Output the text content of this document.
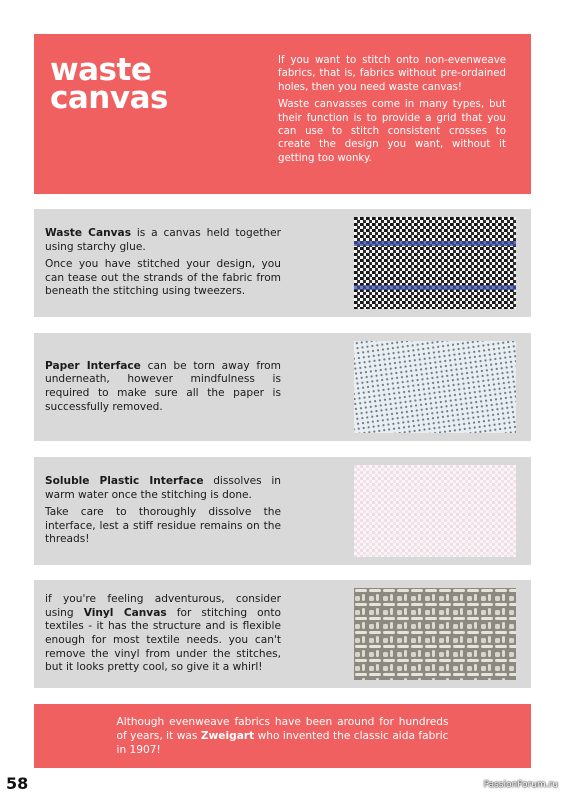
waste
canvas

If you want to stitch onto non-evenweave fabrics, that is, fabrics without pre-ordained holes, then you need waste canvas!

Waste canvasses come in many types, but their function is to provide a grid that you can use to stitch consistent crosses to create the design you want, without it getting too wonky.

Waste Canvas is a canvas held together using starchy glue.

Once you have stitched your design, you can tease out the strands of the fabric from beneath the stitching using tweezers.

Paper Interface can be torn away from underneath, however mindfulness is required to make sure all the paper is successfully removed.

Soluble Plastic Interface dissolves in warm water once the stitching is done.

Take care to thoroughly dissolve the interface, lest a stiff residue remains on the threads!

if you're feeling adventurous, consider using Vinyl Canvas for stitching onto textiles - it has the structure and is flexible enough for most textile needs. you can't remove the vinyl from under the stitches, but it looks pretty cool, so give it a whirl!

Although evenweave fabrics have been around for hundreds of years, it was Zweigart who invented the classic aida fabric in 1907!

58	PassionForum.ru
